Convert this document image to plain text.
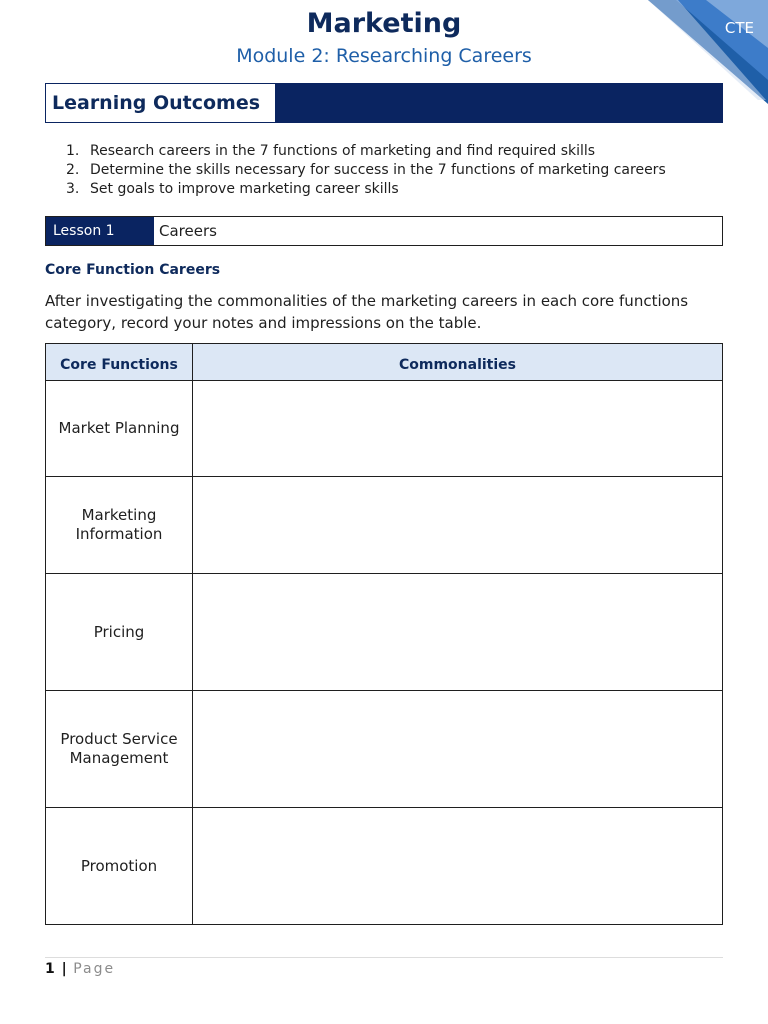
CTE
Marketing
Module 2: Researching Careers
Learning Outcomes
1. Research careers in the 7 functions of marketing and find required skills
2. Determine the skills necessary for success in the 7 functions of marketing careers
3. Set goals to improve marketing career skills
Lesson 1	Careers
Core Function Careers
After investigating the commonalities of the marketing careers in each core functions category, record your notes and impressions on the table.
Core Functions	Commonalities
Market Planning	
Marketing Information	
Pricing	
Product Service Management	
Promotion	
1 | Page
